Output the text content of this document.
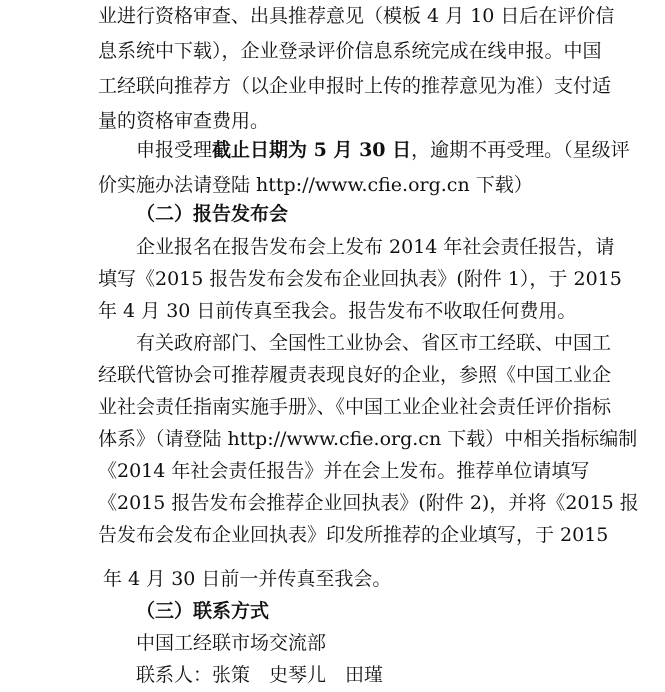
业进行资格审查、出具推荐意见（模板 4 月 10 日后在评价信
息系统中下载），企业登录评价信息系统完成在线申报。中国
工经联向推荐方（以企业申报时上传的推荐意见为准）支付适
量的资格审查费用。
申报受理截止日期为 5 月 30 日，逾期不再受理。（星级评
价实施办法请登陆 http://www.cfie.org.cn 下载）
（二）报告发布会
企业报名在报告发布会上发布 2014 年社会责任报告，请
填写《2015 报告发布会发布企业回执表》(附件 1），于 2015
年 4 月 30 日前传真至我会。报告发布不收取任何费用。
有关政府部门、全国性工业协会、省区市工经联、中国工
经联代管协会可推荐履责表现良好的企业，参照《中国工业企
业社会责任指南实施手册》、《中国工业企业社会责任评价指标
体系》（请登陆 http://www.cfie.org.cn 下载）中相关指标编制
《2014 年社会责任报告》并在会上发布。推荐单位请填写
《2015 报告发布会推荐企业回执表》(附件 2)，并将《2015 报
告发布会发布企业回执表》印发所推荐的企业填写，于 2015
年 4 月 30 日前一并传真至我会。
（三）联系方式
中国工经联市场交流部
联系人：张策　史琴儿　田瑾
